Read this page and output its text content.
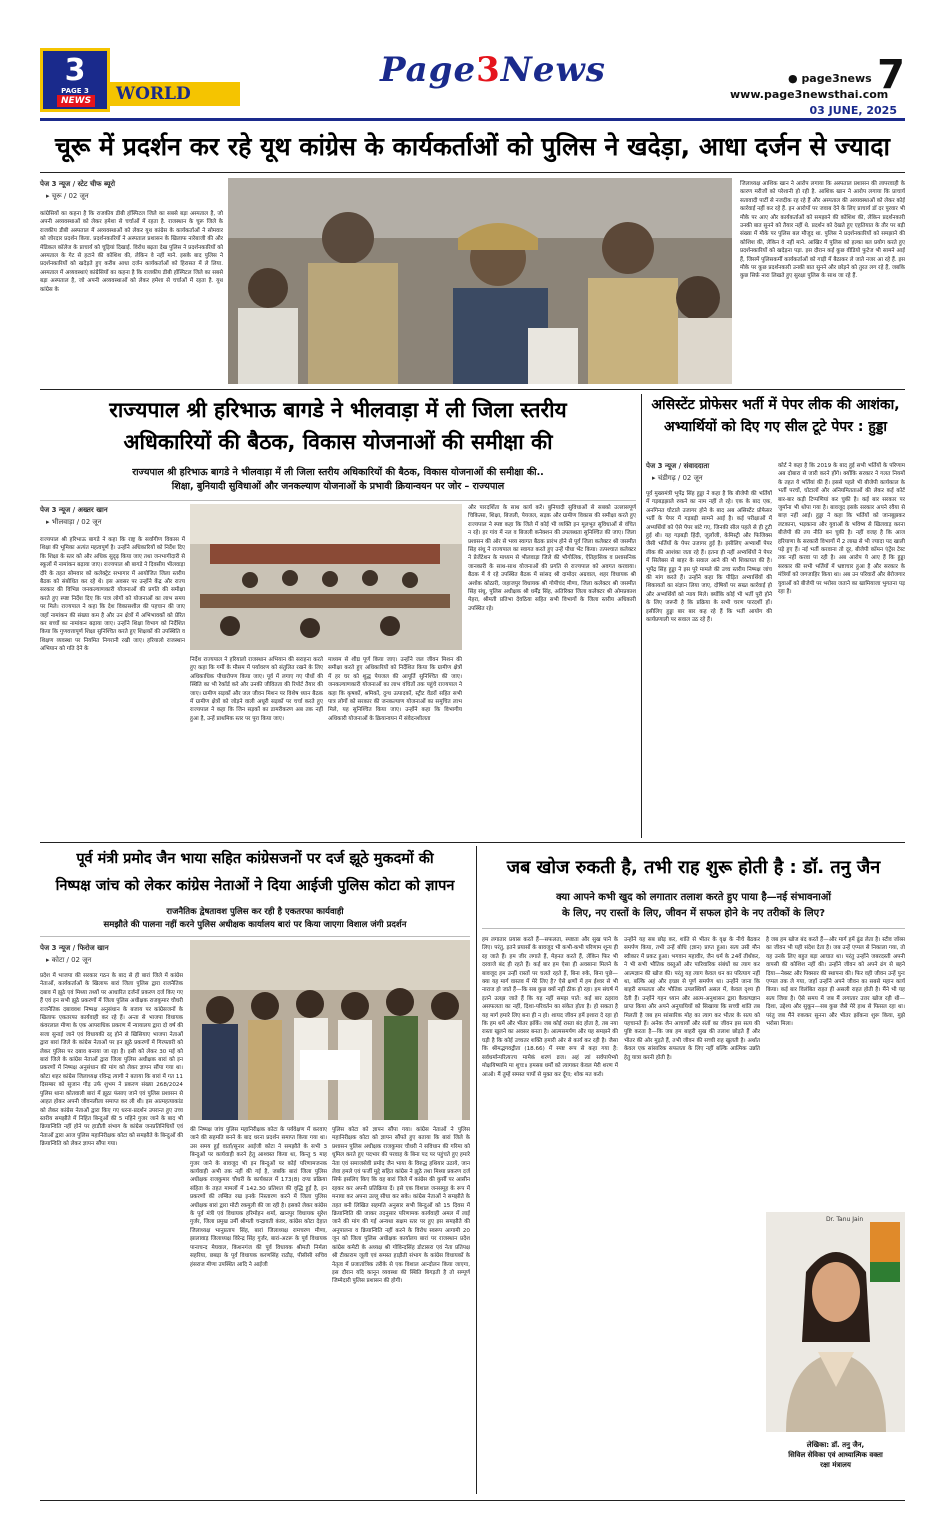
3
PAGE 3
NEWS WORLD
Page3News	● page3news 7
www.page3newsthai.com
03 JUNE, 2025
चूरू में प्रदर्शन कर रहे यूथ कांग्रेस के कार्यकर्ताओं को पुलिस ने खदेड़ा, आधा दर्जन से ज्यादा
पेज 3 न्यूज / स्टेट चीफ ब्यूरो
▸ चूरू / 02 जून
कांग्रेसियों का कहना है कि राजकीय डीबी हॉस्पिटल जिले का सबसे बड़ा अस्पताल है, जो अपनी अव्यवस्थाओं को लेकर हमेशा से चर्चाओं में रहता है. राजस्थान के चूरू जिले के राजकीय डीबी अस्पताल में अव्यवस्थाओं को लेकर यूथ कांग्रेस के कार्यकर्ताओं ने सोमवार को जोरदार प्रदर्शन किया. प्रदर्शनकारियों ने अस्पताल प्रशासन के खिलाफ नारेबाजी की और मेडिकल कॉलेज के प्राचार्य को चूड़ियां दिखाई. विरोध बढ़ता देख पुलिस ने प्रदर्शनकारियों को अस्पताल के गेट से हटाने की कोशिश की, लेकिन वे नहीं माने. इसके बाद पुलिस ने प्रदर्शनकारियों को खदेड़ते हुए करीब आधा दर्जन कार्यकर्ताओं को हिरासत में ले लिया. अस्पताल में अव्यवस्थाएं कांग्रेसियों का कहना है कि राजकीय डीबी हॉस्पिटल जिले का सबसे बड़ा अस्पताल है, जो अपनी अव्यवस्थाओं को लेकर हमेशा से चर्चाओं में रहता है. यूथ कांग्रेस के
जिलाध्यक्ष आशिक खान ने आरोप लगाया कि अस्पताल प्रशासन की लापरवाही के कारण मरीजों को परेशानी हो रही है. आशिक खान ने आरोप लगाया कि प्राचार्य सतावादी पार्टी से नजदीक रह रहे हैं और अस्पताल की अव्यवस्थाओं को लेकर कोई कार्रवाई नहीं कर रहे हैं. इन आरोपों पर जवाब देने के लिए प्राचार्य डॉ दर पुरवार भी मौके पर आए और कार्यकर्ताओं को समझाने की कोशिश की, लेकिन प्रदर्शनकारी उनकी बात सुनने को तैयार नहीं थे. प्रदर्शन को देखते हुए एहतियात के तौर पर बड़ी संख्या में मौके पर पुलिस बल मौजूद था. पुलिस ने प्रदर्शनकारियों को समझाने की कोशिश की, लेकिन वे नहीं माने. आखिर में पुलिस को हल्का बल प्रयोग करते हुए प्रदर्शनकारियों को खदेड़ना पड़ा. इस दौरान कई कुछ वीडियो फुटेज भी सामने आई हैं, जिसमें पुलिसकर्मी कार्यकर्ताओं को गाड़ी में बैठाकर ले जाते नजर आ रहे हैं. इस मौके पर कुछ प्रदर्शनकारी उनकी बात सुनने और छोड़ने को तुरत लग रहे हैं, जबकि कुछ सिर्फ़ नारा लिखते हुए सुरक्षा पुलिस के साथ जा रहे हैं.
राज्यपाल श्री हरिभाऊ बागडे ने भीलवाड़ा में ली जिला स्तरीय
अधिकारियों की बैठक, विकास योजनाओं की समीक्षा की
राज्यपाल श्री हरिभाऊ बागडे ने भीलवाड़ा में ली जिला स्तरीय अधिकारियों की बैठक, विकास योजनाओं की समीक्षा की..
शिक्षा, बुनियादी सुविधाओं और जनकल्याण योजनाओं के प्रभावी क्रियान्वयन पर जोर – राज्यपाल
पेज 3 न्यूज / अख्तर खान
▸ भीलवाड़ा / 02 जून
राज्यपाल श्री हरिभाऊ बागडे ने कहा कि राष्ट्र के सर्वांगीण विकास में शिक्षा की भूमिका अत्यंत महत्वपूर्ण है। उन्होंने अधिकारियों को निर्देश दिए कि शिक्षा के स्तर को और अधिक सुदृढ़ किया जाए तथा जनभागीदारी से स्कूलों में नामांकन बढ़ाया जाए। राज्यपाल श्री बागडे ने दिवसीय भीलवाड़ा दौरे के तहत सोमवार को कलेक्ट्रेट सभागार में आयोजित जिला स्तरीय बैठक को संबोधित कर रहे थे। इस अवसर पर उन्होंने केंद्र और राज्य सरकार की विभिन्न जनकल्याणकारी योजनाओं की प्रगति की समीक्षा करते हुए स्पष्ट निर्देश दिए कि पात्र लोगों को योजनाओं का लाभ समय पर मिले। राज्यपाल ने कहा कि देश विकासशील की पहचान की जाए जहाँ नामांकन की संख्या कम है और उन क्षेत्रों में अभिभावकों को प्रेरित कर बच्चों का नामांकन बढ़ाया जाए। उन्होंने शिक्षा विभाग को निर्देशित किया कि गुणवत्तापूर्ण शिक्षा सुनिश्चित करते हुए शिक्षकों की उपस्थिति व शिक्षण व्यवस्था पर नियमित निगरानी रखी जाए। हरियालो राजस्थान अभियान को गति देने के
निर्देश राज्यपाल ने हरियालो राजस्थान अभियान की सराहना करते हुए कहा कि गर्मी के मौसम में पर्यावरण को संतुलित रखने के लिए अधिकाधिक पौधारोपण किया जाए। पूर्व में लगाए गए पौधों की स्थिति का भी रेकॉर्ड करे और उनकी जीवितता की रिपोर्ट तैयार की जाए। ग्रामीण सड़कों और जल जीवन मिशन पर विशेष ध्यान बैठक में ग्रामीण क्षेत्रों को जोड़ने वाली अधूरी सड़कों पर चर्चा करते हुए राज्यपाल ने कहा कि जिन सड़कों का डामरीकरण अब तक नहीं हुआ है, उन्हें प्राथमिक स्तर पर पूरा किया जाए।
माध्यम से शीघ्र पूर्ण किया जाए। उन्होंने जल जीवन मिशन की समीक्षा करते हुए अधिकारियों को निर्देशित किया कि ग्रामीण क्षेत्रों में हर घर को शुद्ध पेयजल की आपूर्ति सुनिश्चित की जाए। जनकल्याणकारी योजनाओं का लाभ वंचितों तक पहुंचे राज्यपाल ने कहा कि कृषकों, श्रमिकों, दुग्ध उत्पादकों, स्ट्रीट वेंडरों सहित सभी पात्र लोगों को सरकार की जनकल्याण योजनाओं का समुचित लाभ मिले, यह सुनिश्चित किया जाए। उन्होंने कहा कि विभागीय अधिकारी योजनाओं के क्रियान्वयन में संवेदनशीलता
और पारदर्शिता के साथ कार्य करें। बुनियादी सुविधाओं से सबको उल्लासपूर्ण चिकित्सा, शिक्षा, बिजली, पेयजल, सड़क और ग्रामीण विकास की समीक्षा करते हुए राज्यपाल ने स्पष्ट कहा कि जिले में कोई भी व्यक्ति इन मूलभूत सुविधाओं से वंचित न रहे। हर गांव में नल व बिजली कनेक्शन की उपलब्धता सुनिश्चित की जाए। जिला प्रशासन की ओर से भव्य स्वागत बैठक प्रारंभ होने से पूर्व जिला कलेक्टर श्री जसमीत सिंह संधू ने राज्यपाल का स्वागत करते हुए उन्हें पौधा भेंट किया। तत्पश्चात कलेक्टर ने प्रेजेंटेशन के माध्यम से भीलवाड़ा जिले की भौगोलिक, ऐतिहासिक व प्रशासनिक जानकारी के साथ-साथ योजनाओं की प्रगति से राज्यपाल को अवगत करवाया। बैठक में ये रहे उपस्थित बैठक में सांसद श्री दामोदर अग्रवाल, शहर विधायक श्री अशोक कोठारी, जहाजपुर विधायक श्री गोपीचंद मीणा, जिला कलेक्टर श्री जसमीत सिंह संधू, पुलिस अधीक्षक श्री धर्मेंद्र सिंह, अतिरिक्त जिला कलेक्टर श्री ओमप्रकाश मेहरा, श्रीमती प्रतिभा देवठिया सहित सभी विभागों के जिला स्तरीय अधिकारी उपस्थित रहे।
असिस्टेंट प्रोफेसर भर्ती में पेपर लीक की आशंका,
अभ्यार्थियों को दिए गए सील टूटे पेपर : हुड्डा
पेज 3 न्यूज / संवाददाता
▸ चंडीगढ़ / 02 जून
पूर्व मुख्यमंत्री भूपेंद्र सिंह हुड्डा ने कहा है कि बीजेपी की भर्तियों में गड़बड़झाले रुकने का नाम नहीं ले रहे। एक के बाद एक, अनगिनत घोटाले उजागर होने के बाद अब असिस्टेंट प्रोफेसर भर्ती के पेपर में गड़बड़ी सामने आई है। कई परीक्षाओं में अभ्यर्थियों को ऐसे पेपर बांटे गए, जिनकी सील पहले से ही टूटी हुई थी। यह गड़बड़ी हिंदी, जूलॉजी, केमिस्ट्री और फिजिक्स जैसी भर्तियों के पेपर उजागर हुई है। इसीलिए अभ्यार्थी पेपर लीक की आशंका जता रहे हैं। इतना ही नहीं अभ्यर्थियों ने पेपर में सिलेबस से बाहर के सवाल आने की भी शिकायत की है। भूपेंद्र सिंह हुड्डा ने इस पूरे मामले की उच्च स्तरीय निष्पक्ष जांच की मांग करते हैं। उन्होंने कहा कि पीड़ित अभ्यार्थियों की शिकायतों का संज्ञान लिया जाए, दोषियों पर सख्त कार्रवाई हो और अभ्यर्थियों को न्याय मिले। क्योंकि कोई भी भर्ती पूरी होने के लिए जरूरी है कि प्रक्रिया के सभी चरण पारदर्शी हों। इसीलिए हुड्डा बार बार कह रहे हैं कि भर्ती आयोग की कार्यप्रणाली पर सवाल उठ रहे हैं।
कोर्ट ने कहा है कि 2019 के बाद हुई सभी भर्तियों के परिणाम अब दोबारा से जारी करने होंगे। क्योंकि सरकार ने गलत नियमों के तहत ये भर्तियां की हैं। इससे पहले भी बीजेपी कार्यकाल के भर्ती परचों, घोटालों और अनियमितताओं की लेकर कई कोर्ट बार-बार कड़ी टिप्पणियां कर चुकी है। कई बार सरकार पर जुर्माना भी थोपा गया है। बावजूद इसके सरकार अपने रवैया से बाज़ नहीं आई। हुड्डा ने कहा कि भर्तियों को जानबूझकर लटकाना, भड़काना और युवाओं के भविष्य से खिलवाड़ करना बीजेपी की तय नीति बन चुकी है। नहीं वजह है कि आज हरियाणा के सरकारी विभागों में 2 लाख से भी ज्यादा पद खाली पड़े हुए हैं। नई भर्ती करवाना तो दूर, बीजेपी कॉमन एंट्रेंस टेस्ट तक नहीं करवा पा रही है। अब आरोप ये आए हैं कि हुड्डा सरकार की सभी भर्तियों में भ्रष्टाचार हुआ है और सरकार के मंत्रियों को जगजाहिर किया था। अब उन परिवारों और बेरोजगार युवाओं को बीजेपी पर भरोसा जताने का खामियाजा भुगतना पड़ रहा है।
पूर्व मंत्री प्रमोद जैन भाया सहित कांग्रेसजनों पर दर्ज झूठे मुकदमों की
निष्पक्ष जांच को लेकर कांग्रेस नेताओं ने दिया आईजी पुलिस कोटा को ज्ञापन
राजनैतिक द्वेषतावश पुलिस कर रही है एकतरफा कार्यवाही
समझौते की पालना नहीं करने पुलिस अधीक्षक कार्यालय बारां पर किया जाएगा विशाल जंगी प्रदर्शन
पेज 3 न्यूज / फिरोज खान
▸ कोटा / 02 जून
प्रदेश में भाजपा की सरकार गठन के बाद से ही बारां जिले में कांग्रेस नेताओं, कार्यकर्ताओं के खिलाफ बारां जिला पुलिस द्वारा राजनैतिक दबाव में झूठे एवं मिथ्या तथ्यों पर आधारित दर्जनों प्रकरण दर्ज किए गए हैं एवं इन सभी झूठे प्रकरणों में जिला पुलिस अधीक्षक राजकुमार चौधरी राजनैतिक दबाववश निष्पक्ष अनुसंधान के बजाय पर कांग्रेसजनों के खिलाफ एकतरफा कार्यवाही कर रहे हैं। अन्ता से भाजपा विधायक कंवरलाल मीणा के एक आपराधिक प्रकरण में न्यायालय द्वारा दो वर्ष की सजा सुनाई जाने एवं विधायकी रद्द होने से खिसियाए भाजपा नेताओं द्वारा बारां जिले के कांग्रेस नेताओं पर इन झूठे प्रकरणों में गिरफ्तारी को लेकर पुलिस पर दबाव बनाया जा रहा है। इसी को लेकर 30 मई को बारां जिले के कांग्रेस नेताओं द्वारा जिला पुलिस अधीक्षक बारां को इन प्रकरणों में निष्पक्ष अनुसंधान की मांग को लेकर ज्ञापन सौंपा गया था। कोटा शहर कांग्रेस जिलाध्यक्ष रविन्द्र त्यागी ने बताया कि बारां में गत 11 दिसम्बर को सुजान गौड़ उर्फ शुभम ने प्रकरण संख्या 268/2024 पुलिस थाना कोतवाली बारां में झूठा फंसाए जाने एवं पुलिस प्रशासन से आहत होकर अपनी जीवनलीला समाप्त कर ली थी। इस आत्महत्याकांड को लेकर कांग्रेस नेताओं द्वारा किए गए धरना-प्रदर्शन उपरान्त हुए उच्च स्तरीय समझौते में निहित बिन्दुओं की 5 महिने गुजर जाने के बाद भी क्रियान्विति नहीं होने पर हाडौती संभाग के कांग्रेस जनप्रतिनिधियों एवं नेताओं द्वारा आज पुलिस महानिरीक्षक कोटा को समझौते के बिन्दुओं की क्रियान्विति को लेकर ज्ञापन सौंपा गया।
की निष्पक्ष जांच पुलिस महानिरीक्षक कोटा के पर्यवेक्षण में करवाए जाने की सहमति बनने के बाद धरना प्रदर्शन समाप्त किया गया था। उस समय हुई वार्ता/सुनार आईजी कोटा ने समझौते के सभी 3 बिन्दुओं पर कार्यवाही करने हेतु आश्वस्त किया था, किन्तु 5 माह गुजर जाने के बावजूद भी इन बिन्दुओं पर कोई परिणामजनक कार्यवाही अभी तक नहीं की गई है, जबकि बारां जिला पुलिस अधीक्षक राजकुमार चौधरी के कार्यकाल में 173(8) दण्ड प्रक्रिया संहिता के तहत मामलों में 142.30 प्रतिशत की वृद्धि हुई है, इन प्रकरणों की लम्बित रख इनके निस्तारण करने में जिला पुलिस अधीक्षक बारां द्वारा मोटी रकमुली की जा रही है। इसको लेकर कांग्रेस के पूर्व मंत्री एवं विधायक हरिमोहन शर्मा, खानपुर विधायक सुरेश गुर्जर, जिला प्रमुख उर्मी श्रीमती चन्द्रावती कंवर, कांग्रेस कोटा देहात जिलाध्यक्ष भानुप्रताप सिंह, बारां जिलाध्यक्ष रामचरण मीणा, झालावाड़ जिलाध्यक्ष विरेन्द्र सिंह गुर्जर, बारां-अटरू के पूर्व विधायक पानाचन्द मेघवाल, किशनगंज की पूर्व विधायक श्रीमती निर्मला सहरिया, छबड़ा के पूर्व विधायक करणसिंह राठौड़, पीसीसी सचिव हंसराज मीणा उपस्थित आदि ने आईजी
पुलिस कोटा को ज्ञापन सौंपा गया। कांग्रेस नेताओं ने पुलिस महानिरीक्षक कोटा को ज्ञापन सौंपते हुए बताया कि बारां जिले के प्रशासन पुलिस अधीक्षक राजकुमार चौधरी ने सविधान की गरिमा को धूमिल करते हुए पदभार की परवाह के बिना पद पर पहुंचते हुए हमारे नेता एवं समाजसेवी प्रमोद जैन भाया के विरुद्ध हथियार उठाये, जान लेवा हमले एवं फर्जी मुद्दे सहित कांग्रेस ने झूठे तथा मिथ्या प्रकरण दर्ज सिर्फ इसलिए किए कि वह बारां जिले में कांग्रेस की कुर्सी पर आसीन रहकर कर अपनी प्रतिक्रिया दें। इसे एक विशाल जनसमूह के रूप में मनाया कर अपना उल्लू सीधा कर सके। कांग्रेस नेताओं ने समझौते के तहत बनी लिखित सहमति अनुसार सभी बिन्दुओं को 15 दिवस में क्रियान्विति की जाकर तदनुसार परिणामक कार्यवाही अमल में लाई जाने की मांग की गई अन्यथा सक्षम स्तर पर हुए इस समझौते की अनुपालना व क्रियान्विति नहीं करने के विरोध स्वरूप आगामी 20 जून को जिला पुलिस अधीक्षक कार्यालय बारां पर राजस्थान प्रदेश कांग्रेस कमेटी के अध्यक्ष श्री गोविन्दसिंह डोटासरा एवं नेता प्रतिपक्ष श्री टीकाराम जूली एवं समस्त हाड़ौती संभाग के कांग्रेस विधायकों के नेतृत्व में प्रजातांत्रिक तरीके से एक विशाल आन्दोलन किया जाएगा, इस दौरान यदि कानून व्यवस्था की स्थिति बिगड़ती है तो सम्पूर्ण जिम्मेदारी पुलिस प्रशासन की होगी।
जब खोज रुकती है, तभी राह शुरू होती है : डॉ. तनु जैन
क्या आपने कभी खुद को लगातार तलाश करते हुए पाया है—नई संभावनाओं
के लिए, नए रास्तों के लिए, जीवन में सफल होने के नए तरीकों के लिए?
हम लगातार प्रयास करते हैं—सफलता, स्पष्टता और सुख पाने के लिए। परंतु, इतने प्रयासों के बावजूद भी कभी-कभी परिणाम शून्य ही रह जाते हैं। हम जीर लगाते हैं, मेहनत करते हैं, लेकिन फिर भी दरवाजे बंद ही रहते हैं। कई बार हम ऐसा ही अवसाना मिलने के बावजूद हम उन्हीं रास्तों पर चलते रहते हैं, बिना रुके, बिना पूछे—क्या यह मार्ग वास्तव में मेरे लिए है? ऐसे क्षणों में हम ईश्वर से भी नाराज हो जाते हैं—कि सब कुछ क्यों नहीं ठीक हो रहा। हम संघर्ष में इतने उलझ जाते हैं कि यह नहीं समझ पाते: कई बार ठहराव असफलता का नहीं, दिशा-परिवर्तन का संकेत होता है। हो सकता है यह मार्ग हमारे लिए बना ही न हो। शायद जीवन हमें इशारा दे रहा हो कि हम थमें और भीतर झाँकें। जब कोई रास्ता बंद होता है, तब नया रास्ता खुलने का अवसर बनता है। आत्मसमर्पण और यह समझने की घड़ी है कि कोई उच्चतर शक्ति हमारी ओर से कार्य कर रही है। जैसा कि श्रीमद्भगवद्गीता (18.66) में स्पष्ट रूप से कहा गया है: सर्वधर्मान्परित्यज्य मामेकं शरणं व्रज। अहं त्वां सर्वपापेभ्यो मोक्षयिष्यामि मा शुचः॥ हमसब धर्मों को त्यागकर केवल मेरी शरण में आओ। मैं तुम्हें समस्त पापों से मुक्त कर दूँगा; शोक मत करो।
उन्होंने यह सब छोड़ कर, शांति से भीतर के वृक्ष के नीचे बैठकर समर्पण किया, तभी उन्हें बोधि (ज्ञान) प्राप्त हुआ। सत्य उसी मौन स्वीकार में प्रकट हुआ। भगवान महावीर, जैन धर्म के 24वें तीर्थंकर, ने भी सभी भौतिक वस्तुओं और पारिवारिक संबंधों का त्याग कर आत्मज्ञान की खोज की। परंतु यह त्याग केवल धन का परित्याग नहीं था, बल्कि अहं और इच्छा से पूर्ण समर्पण था। उन्होंने जाना कि बाहरी सफलता और भौतिक उपलब्धियाँ असल में, केवल दृश्य ही देती हैं। उन्होंने गहन ध्यान और आत्म-अनुशासन द्वारा कैवल्यज्ञान प्राप्त किया और अपने अनुयायियों को सिखाया कि सच्ची शांति तब मिलती है जब हम सांसारिक मोह का त्याग कर भीतर के सत्य को पहचानते हैं। अनेक जैन आचार्यों और संतों का जीवन इस सत्य की पुष्टि करता है—कि जब हम बाहरी सुख की तलाश छोड़ते हैं और भीतर की ओर मुड़ते हैं, तभी जीवन की सच्ची राह खुलती है। अर्थात केवल एक सांसारिक सफलता के लिए नहीं बल्कि आत्मिक उन्नति हेतु यात्रा करनी होती है।
है जब हम खोज बंद करते हैं—और मार्ग हमें ढूंढ लेता है। स्टीव जॉब्स का जीवन भी यही संदेश देता है। जब उन्हें एप्पल से निकाला गया, तो यह उनके लिए बहुत बड़ा आघात था। परंतु उन्होंने जबरदस्ती अपनी वापसी की कोशिश नहीं की। उन्होंने जीवन को अपने ढंग से बहने दिया—नेक्स्ट और पिक्सार की स्थापना की। फिर वही जीवन उन्हें पुनः एप्पल तक ले गया, जहाँ उन्होंने अपने जीवन का सबसे महान कार्य किया। कई बार विलंबित राहत ही असली राहत होती है। मैंने भी यह सत्य जिया है। ऐसे समय में जब मैं लगातार उत्तर खोज रही थी—दिशा, उद्देश्य और सुकून—सब कुछ जैसे मेरे हाथ से फिसल रहा था। परंतु जब मैंने रुककर सुनना और भीतर झाँकना शुरू किया, मुझे भरोसा मिला।
Dr. Tanu Jain
लेखिका: डॉ. तनु जैन,
सिविल सेविका एवं आध्यात्मिक वक्ता
रक्षा मंत्रालय
